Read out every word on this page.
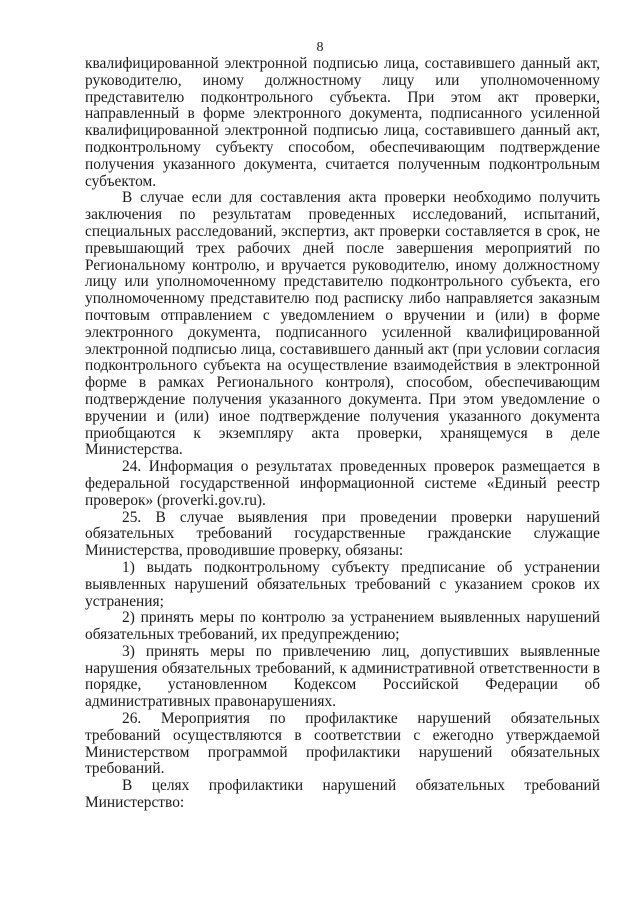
8

квалифицированной электронной подписью лица, составившего данный акт, руководителю, иному должностному лицу или уполномоченному представителю подконтрольного субъекта. При этом акт проверки, направленный в форме электронного документа, подписанного усиленной квалифицированной электронной подписью лица, составившего данный акт, подконтрольному субъекту способом, обеспечивающим подтверждение получения указанного документа, считается полученным подконтрольным субъектом.

В случае если для составления акта проверки необходимо получить заключения по результатам проведенных исследований, испытаний, специальных расследований, экспертиз, акт проверки составляется в срок, не превышающий трех рабочих дней после завершения мероприятий по Региональному контролю, и вручается руководителю, иному должностному лицу или уполномоченному представителю подконтрольного субъекта, его уполномоченному представителю под расписку либо направляется заказным почтовым отправлением с уведомлением о вручении и (или) в форме электронного документа, подписанного усиленной квалифицированной электронной подписью лица, составившего данный акт (при условии согласия подконтрольного субъекта на осуществление взаимодействия в электронной форме в рамках Регионального контроля), способом, обеспечивающим подтверждение получения указанного документа. При этом уведомление о вручении и (или) иное подтверждение получения указанного документа приобщаются к экземпляру акта проверки, хранящемуся в деле Министерства.

24. Информация о результатах проведенных проверок размещается в федеральной государственной информационной системе «Единый реестр проверок» (proverki.gov.ru).

25. В случае выявления при проведении проверки нарушений обязательных требований государственные гражданские служащие Министерства, проводившие проверку, обязаны:

1) выдать подконтрольному субъекту предписание об устранении выявленных нарушений обязательных требований с указанием сроков их устранения;

2) принять меры по контролю за устранением выявленных нарушений обязательных требований, их предупреждению;

3) принять меры по привлечению лиц, допустивших выявленные нарушения обязательных требований, к административной ответственности в порядке, установленном Кодексом Российской Федерации об административных правонарушениях.

26. Мероприятия по профилактике нарушений обязательных требований осуществляются в соответствии с ежегодно утверждаемой Министерством программой профилактики нарушений обязательных требований.

В целях профилактики нарушений обязательных требований Министерство:
